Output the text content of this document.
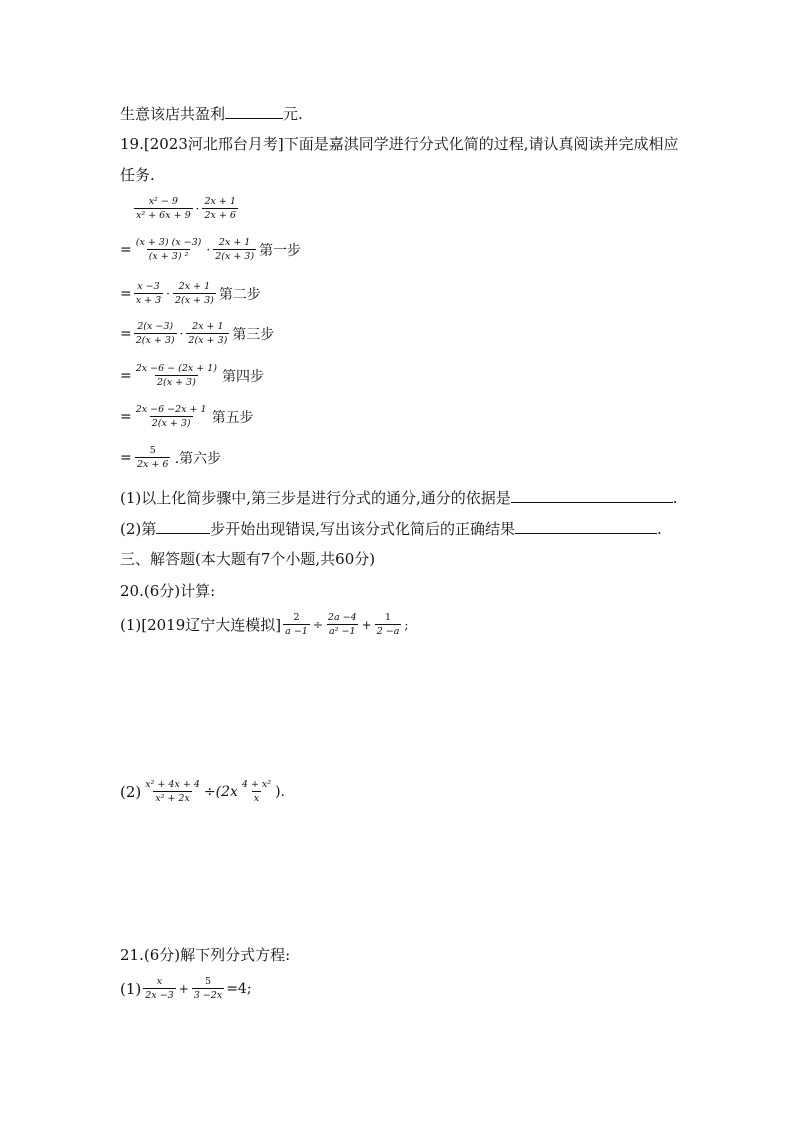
生意该店共盈利	元.
19.[2023河北邢台月考]下面是嘉淇同学进行分式化简的过程,请认真阅读并完成相应
任务.
$\frac{\text{x² − 9}}{\text{x² + 6x + 9}} \cdot \frac{2x + 1}{2x + 6}$
= $\frac{(x + 3) (x -3)}{\text{(x + 3) ²}} \cdot \frac{2x + 1}{2(x + 3)}$ 第一步
= $\frac{x -3}{x + 3} \cdot \frac{2x + 1}{2(x + 3)}$ 第二步
= $\frac{2(x -3)}{2(x + 3)} \cdot \frac{2x + 1}{2(x + 3)}$ 第三步
= $\frac{2x -6 - (2x + 1)}{2(x + 3)}$ 第四步
= $\frac{2x -6 -2x + 1}{2(x + 3)}$ 第五步
= $\frac{5}{2x + 6}$ .第六步
(1)以上化简步骤中,第三步是进行分式的通分,通分的依据是	.
(2)第	步开始出现错误,写出该分式化简后的正确结果	.
三、解答题(本大题有7个小题,共60分)
20.(6分)计算:
(1)[2019辽宁大连模拟] $\frac{2}{a -1} \div \frac{2a -4}{\text{a² −1}} + \frac{1}{2 -a}$ ;
$(2) \frac{\text{x² + 4x + 4}}{\text{x² + 2x}} \div(2x \frac{\text{4 + x²}}{x}$ ).
21.(6分)解下列分式方程:
$(1) \frac{x}{2x -3} + \frac{5}{3 -2x} =4$;
